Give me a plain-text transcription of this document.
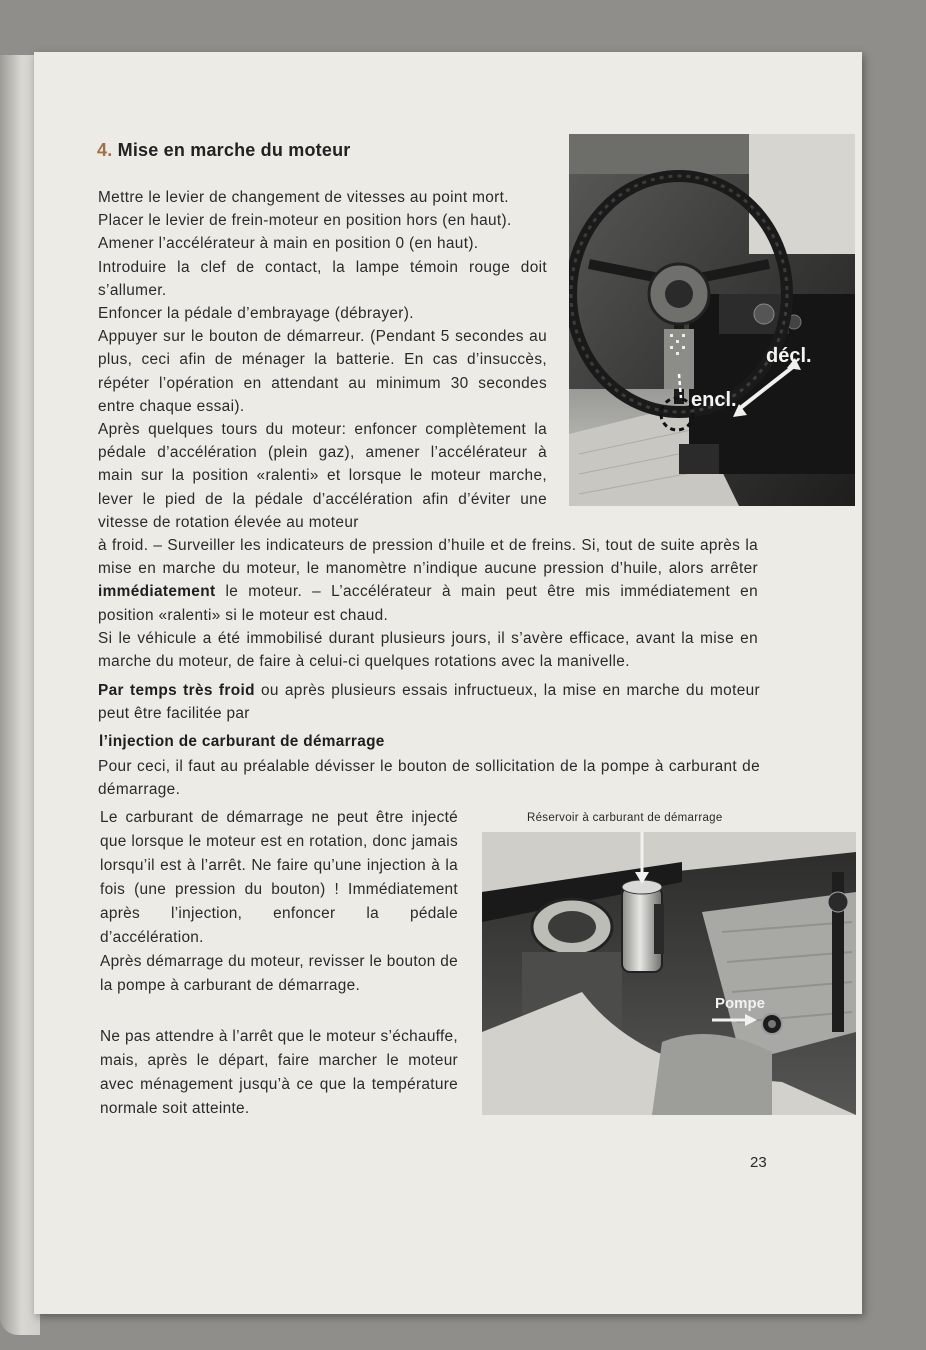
4. Mise en marche du moteur
Mettre le levier de changement de vitesses au point mort.
Placer le levier de frein-moteur en position hors (en haut).
Amener l’accélérateur à main en position 0 (en haut).
Introduire la clef de contact, la lampe témoin rouge doit s’allumer.
Enfoncer la pédale d’embrayage (débrayer).
Appuyer sur le bouton de démarreur. (Pendant 5 secondes au plus, ceci afin de ménager la batterie. En cas d’insuccès, répéter l’opération en attendant au minimum 30 secondes entre chaque essai).
Après quelques tours du moteur: enfoncer complètement la pédale d’accélération (plein gaz), amener l’accélérateur à main sur la position «ralenti» et lorsque le moteur marche, lever le pied de la pédale d’accélération afin d’éviter une vitesse de rotation élevée au moteur
à froid. – Surveiller les indicateurs de pression d’huile et de freins. Si, tout de suite après la mise en marche du moteur, le manomètre n’indique aucune pression d’huile, alors arrêter immédiatement le moteur. – L’accélérateur à main peut être mis immédiatement en position «ralenti» si le moteur est chaud.
Si le véhicule a été immobilisé durant plusieurs jours, il s’avère efficace, avant la mise en marche du moteur, de faire à celui-ci quelques rotations avec la manivelle.
Par temps très froid ou après plusieurs essais infructueux, la mise en marche du moteur peut être facilitée par
l’injection de carburant de démarrage
Pour ceci, il faut au préalable dévisser le bouton de sollicitation de la pompe à carburant de démarrage.
Le carburant de démarrage ne peut être injecté que lorsque le moteur est en rotation, donc jamais lorsqu’il est à l’arrêt. Ne faire qu’une injection à la fois (une pression du bouton) ! Immédiatement après l’injection, enfoncer la pédale d’accélération.
Après démarrage du moteur, revisser le bouton de la pompe à carburant de démarrage.
Ne pas attendre à l’arrêt que le moteur s’échauffe, mais, après le départ, faire marcher le moteur avec ménagement jusqu’à ce que la température normale soit atteinte.
décl.
encl.
Réservoir à carburant de démarrage
Pompe
23
